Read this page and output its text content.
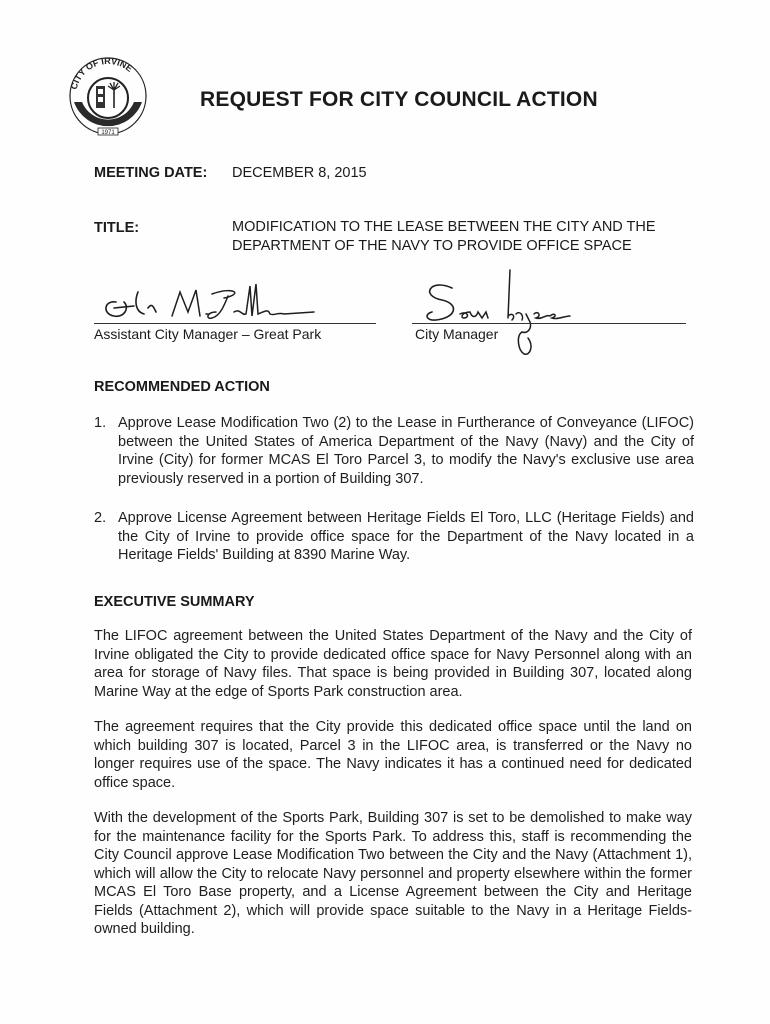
CITY OF IRVINE
1971
REQUEST FOR CITY COUNCIL ACTION
MEETING DATE: DECEMBER 8, 2015
TITLE:	MODIFICATION TO THE LEASE BETWEEN THE CITY AND THE
DEPARTMENT OF THE NAVY TO PROVIDE OFFICE SPACE
Assistant City Manager – Great Park	City Manager
RECOMMENDED ACTION
1. Approve Lease Modification Two (2) to the Lease in Furtherance of Conveyance (LIFOC) between the United States of America Department of the Navy (Navy) and the City of Irvine (City) for former MCAS El Toro Parcel 3, to modify the Navy's exclusive use area previously reserved in a portion of Building 307.
2. Approve License Agreement between Heritage Fields El Toro, LLC (Heritage Fields) and the City of Irvine to provide office space for the Department of the Navy located in a Heritage Fields' Building at 8390 Marine Way.
EXECUTIVE SUMMARY

The LIFOC agreement between the United States Department of the Navy and the City of Irvine obligated the City to provide dedicated office space for Navy Personnel along with an area for storage of Navy files. That space is being provided in Building 307, located along Marine Way at the edge of Sports Park construction area.

The agreement requires that the City provide this dedicated office space until the land on which building 307 is located, Parcel 3 in the LIFOC area, is transferred or the Navy no longer requires use of the space. The Navy indicates it has a continued need for dedicated office space.

With the development of the Sports Park, Building 307 is set to be demolished to make way for the maintenance facility for the Sports Park. To address this, staff is recommending the City Council approve Lease Modification Two between the City and the Navy (Attachment 1), which will allow the City to relocate Navy personnel and property elsewhere within the former MCAS El Toro Base property, and a License Agreement between the City and Heritage Fields (Attachment 2), which will provide space suitable to the Navy in a Heritage Fields-owned building.
